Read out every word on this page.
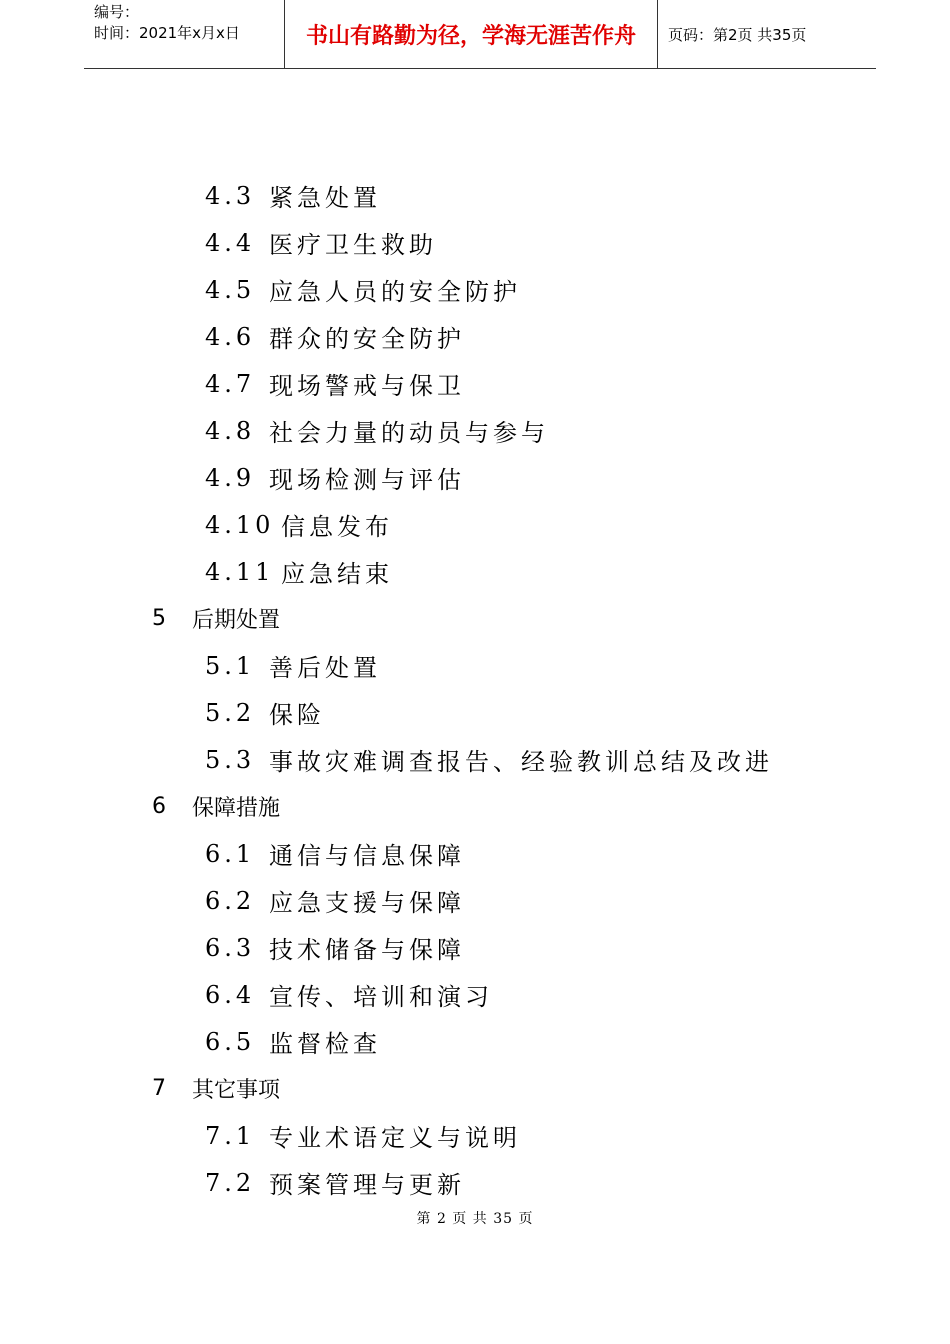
编号：
时间：2021年x月x日	书山有路勤为径，学海无涯苦作舟	页码：第2页 共35页
4.3 紧急处置
4.4 医疗卫生救助
4.5 应急人员的安全防护
4.6 群众的安全防护
4.7 现场警戒与保卫
4.8 社会力量的动员与参与
4.9 现场检测与评估
4.10 信息发布
4.11 应急结束
5	后期处置
5.1 善后处置
5.2 保险
5.3 事故灾难调查报告、经验教训总结及改进
6	保障措施
6.1 通信与信息保障
6.2 应急支援与保障
6.3 技术储备与保障
6.4 宣传、培训和演习
6.5 监督检查
7	其它事项
7.1 专业术语定义与说明
7.2 预案管理与更新
第 2 页 共 35 页
